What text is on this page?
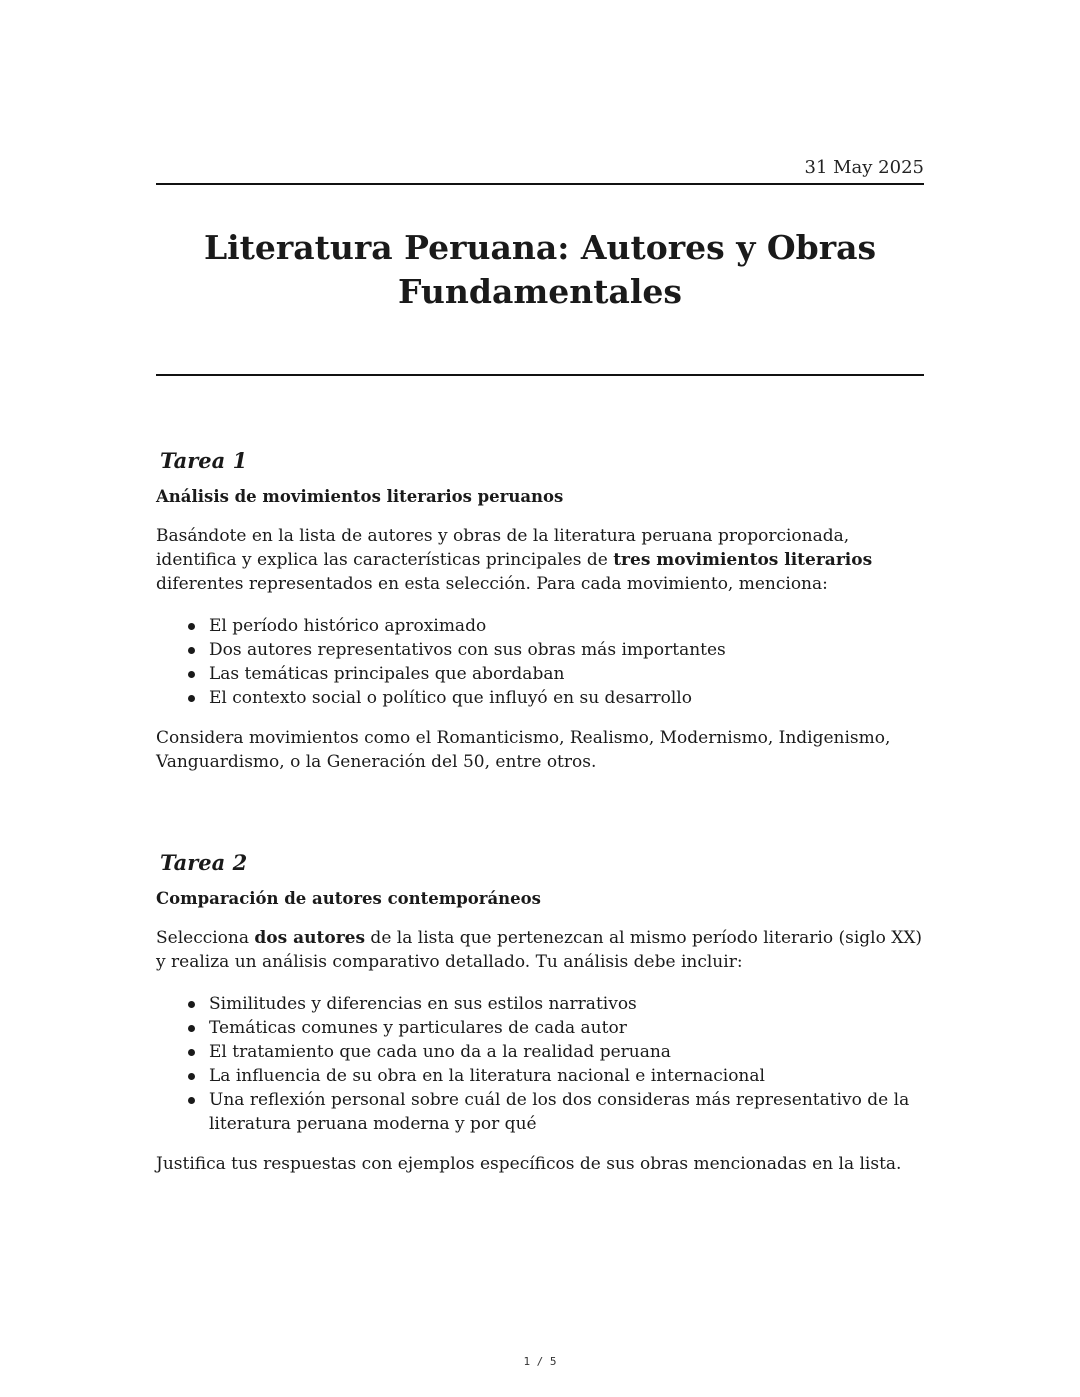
31 May 2025
Literatura Peruana: Autores y Obras Fundamentales
Tarea 1
Análisis de movimientos literarios peruanos

Basándote en la lista de autores y obras de la literatura peruana proporcionada, identifica y explica las características principales de tres movimientos literarios diferentes representados en esta selección. Para cada movimiento, menciona:

El período histórico aproximado
Dos autores representativos con sus obras más importantes
Las temáticas principales que abordaban
El contexto social o político que influyó en su desarrollo

Considera movimientos como el Romanticismo, Realismo, Modernismo, Indigenismo, Vanguardismo, o la Generación del 50, entre otros.

Tarea 2
Comparación de autores contemporáneos

Selecciona dos autores de la lista que pertenezcan al mismo período literario (siglo XX) y realiza un análisis comparativo detallado. Tu análisis debe incluir:

Similitudes y diferencias en sus estilos narrativos
Temáticas comunes y particulares de cada autor
El tratamiento que cada uno da a la realidad peruana
La influencia de su obra en la literatura nacional e internacional
Una reflexión personal sobre cuál de los dos consideras más representativo de la literatura peruana moderna y por qué

Justifica tus respuestas con ejemplos específicos de sus obras mencionadas en la lista.

1 / 5
